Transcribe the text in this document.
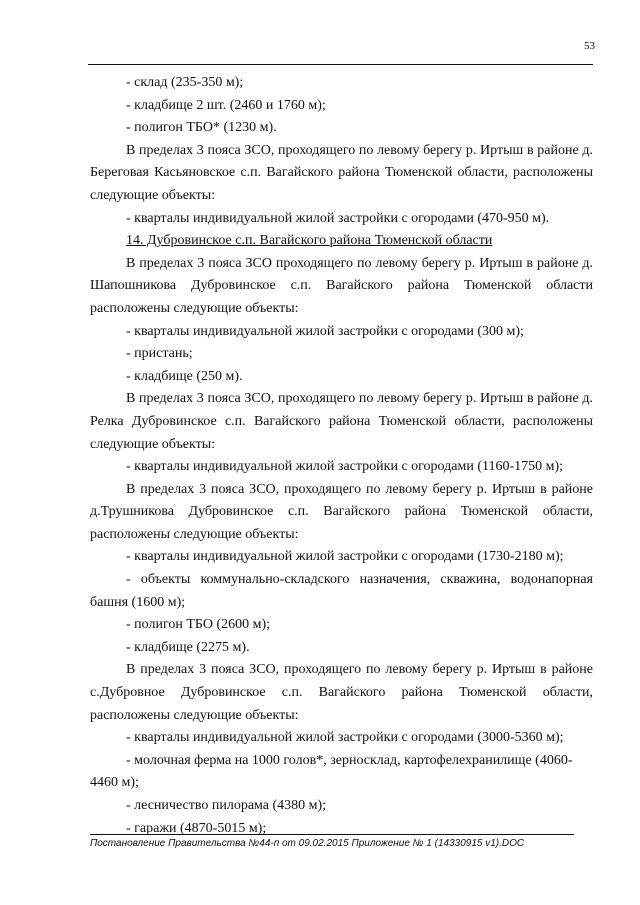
53

- склад (235-350 м);

- кладбище 2 шт. (2460 и 1760 м);

- полигон ТБО* (1230 м).

В пределах 3 пояса ЗСО, проходящего по левому берегу р. Иртыш в районе д. Береговая Касьяновское с.п. Вагайского района Тюменской области, расположены следующие объекты:

- кварталы индивидуальной жилой застройки с огородами (470-950 м).

14. Дубровинское с.п. Вагайского района Тюменской области

В пределах 3 пояса ЗСО проходящего по левому берегу р. Иртыш в районе д. Шапошникова Дубровинское с.п. Вагайского района Тюменской области расположены следующие объекты:

- кварталы индивидуальной жилой застройки с огородами (300 м);

- пристань;

- кладбище (250 м).

В пределах 3 пояса ЗСО, проходящего по левому берегу р. Иртыш в районе д. Релка Дубровинское с.п. Вагайского района Тюменской области, расположены следующие объекты:

- кварталы индивидуальной жилой застройки с огородами (1160-1750 м);

В пределах 3 пояса ЗСО, проходящего по левому берегу р. Иртыш в районе д.Трушникова Дубровинское с.п. Вагайского района Тюменской области, расположены следующие объекты:

- кварталы индивидуальной жилой застройки с огородами (1730-2180 м);

- объекты коммунально-складского назначения, скважина, водонапорная башня (1600 м);

- полигон ТБО (2600 м);

- кладбище (2275 м).

В пределах 3 пояса ЗСО, проходящего по левому берегу р. Иртыш в районе с.Дубровное Дубровинское с.п. Вагайского района Тюменской области, расположены следующие объекты:

- кварталы индивидуальной жилой застройки с огородами (3000-5360 м);

- молочная ферма на 1000 голов*, зерносклад, картофелехранилище (4060-4460 м);

- лесничество пилорама (4380 м);

- гаражи (4870-5015 м);

Постановление Правительства №44-п от 09.02.2015 Приложение № 1 (14330915 v1).DOC
